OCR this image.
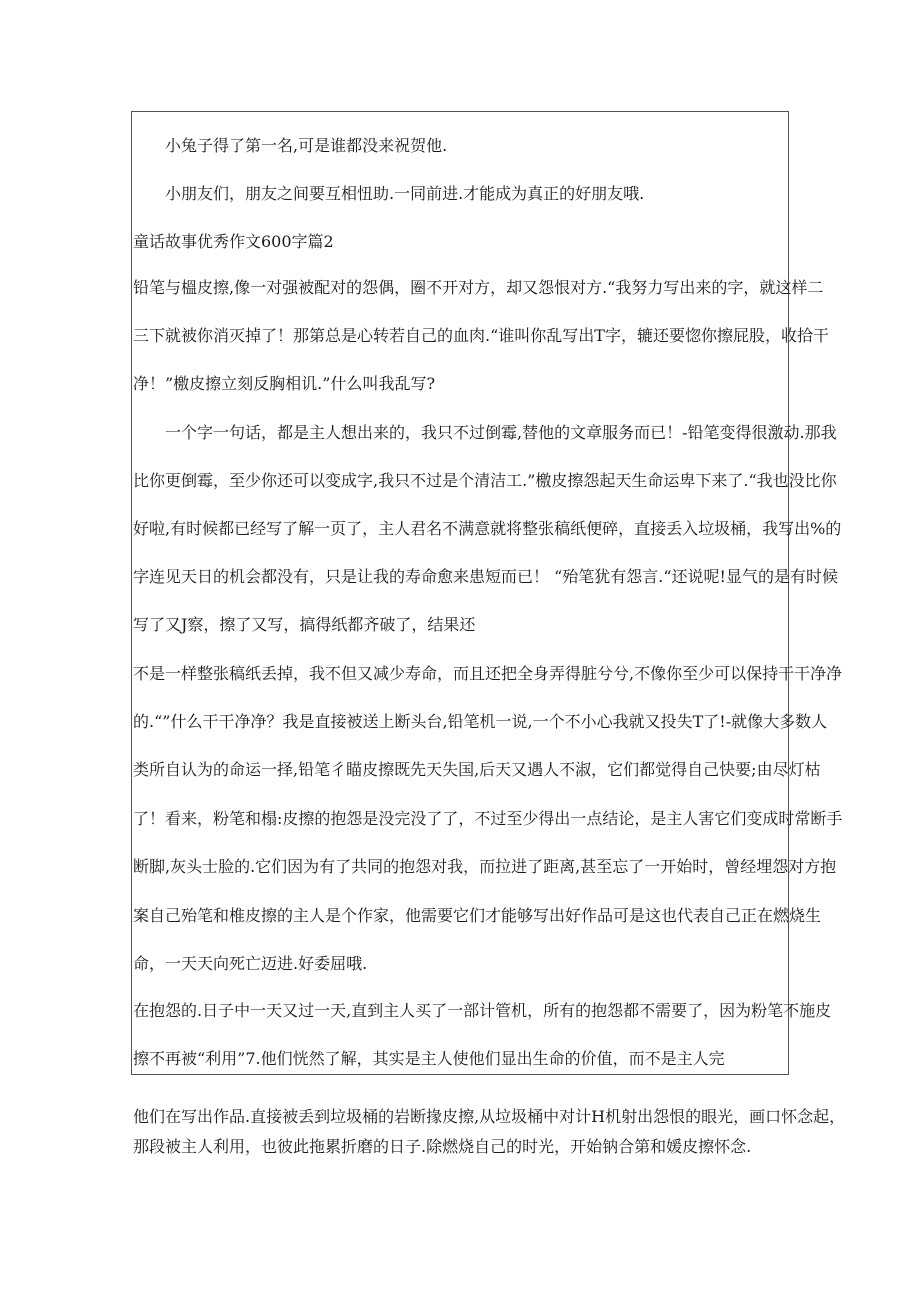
小兔子得了第一名,可是谁都没来祝贺他.
小朋友们，朋友之间要互相忸助.一同前进.才能成为真正的好朋友哦.
童话故事优秀作文600字篇2
铅笔与榲皮擦,像一对强被配对的怨偶，圈不开对方，却又怨恨对方.“我努力写出来的字，就这样二
三下就被你消灭掉了！那第总是心转若自己的血肉.“谁叫你乱写出T字，辘还要惚你擦屁股，收拾干
净！”檄皮擦立刻反胸相讥.”什么叫我乱写?
一个字一句话，都是主人想出来的，我只不过倒霉,替他的文章服务而已！-铅笔变得很激动.那我
比你更倒霉，至少你还可以变成字,我只不过是个清洁工.”檄皮擦怨起天生命运卑下来了.“我也没比你
好啦,有时候都已经写了解一页了，主人君名不满意就将整张稿纸便碎，直接丢入垃圾桶，我写出%的
字连见天日的机会都没有，只是让我的寿命愈来患短而已！ “殆笔犹有怨言.“还说呢!显气的是有时候
写了又J察，擦了又写，搞得纸都齐破了，结果还
不是一样整张稿纸丢掉，我不但又减少寿命，而且还把全身弄得脏兮兮,不像你至少可以保持干干净净
的.“”什么干干净净？我是直接被送上断头台,铅笔机一说,一个不小心我就又投失T了!-就像大多数人
类所自认为的命运一择,铅笔彳瞄皮擦既先天失国,后天又遇人不淑，它们都觉得自己快要;由尽灯枯
了！看来，粉笔和榻:皮擦的抱怨是没完没了了，不过至少得出一点结论，是主人害它们变成时常断手
断脚,灰头士脸的.它们因为有了共同的抱怨对我，而拉进了距离,甚至忘了一开始时，曾经埋怨对方抱
案自己殆笔和椎皮擦的主人是个作家，他需要它们才能够写出好作品可是这也代表自己正在燃烧生
命，一天天向死亡迈进.好委屈哦.
在抱怨的.日子中一天又过一天,直到主人买了一部计管机，所有的抱怨都不需要了，因为粉笔不施皮
擦不再被“利用”7.他们恍然了解，其实是主人使他们显出生命的价值，而不是主人完
他们在写出作品.直接被丢到垃圾桶的岩断掾皮擦,从垃圾桶中对计H机射出怨恨的眼光，画口怀念起，
那段被主人利用，也彼此拖累折磨的日子.除燃烧自己的时光，开始钠合第和媛皮擦怀念.
